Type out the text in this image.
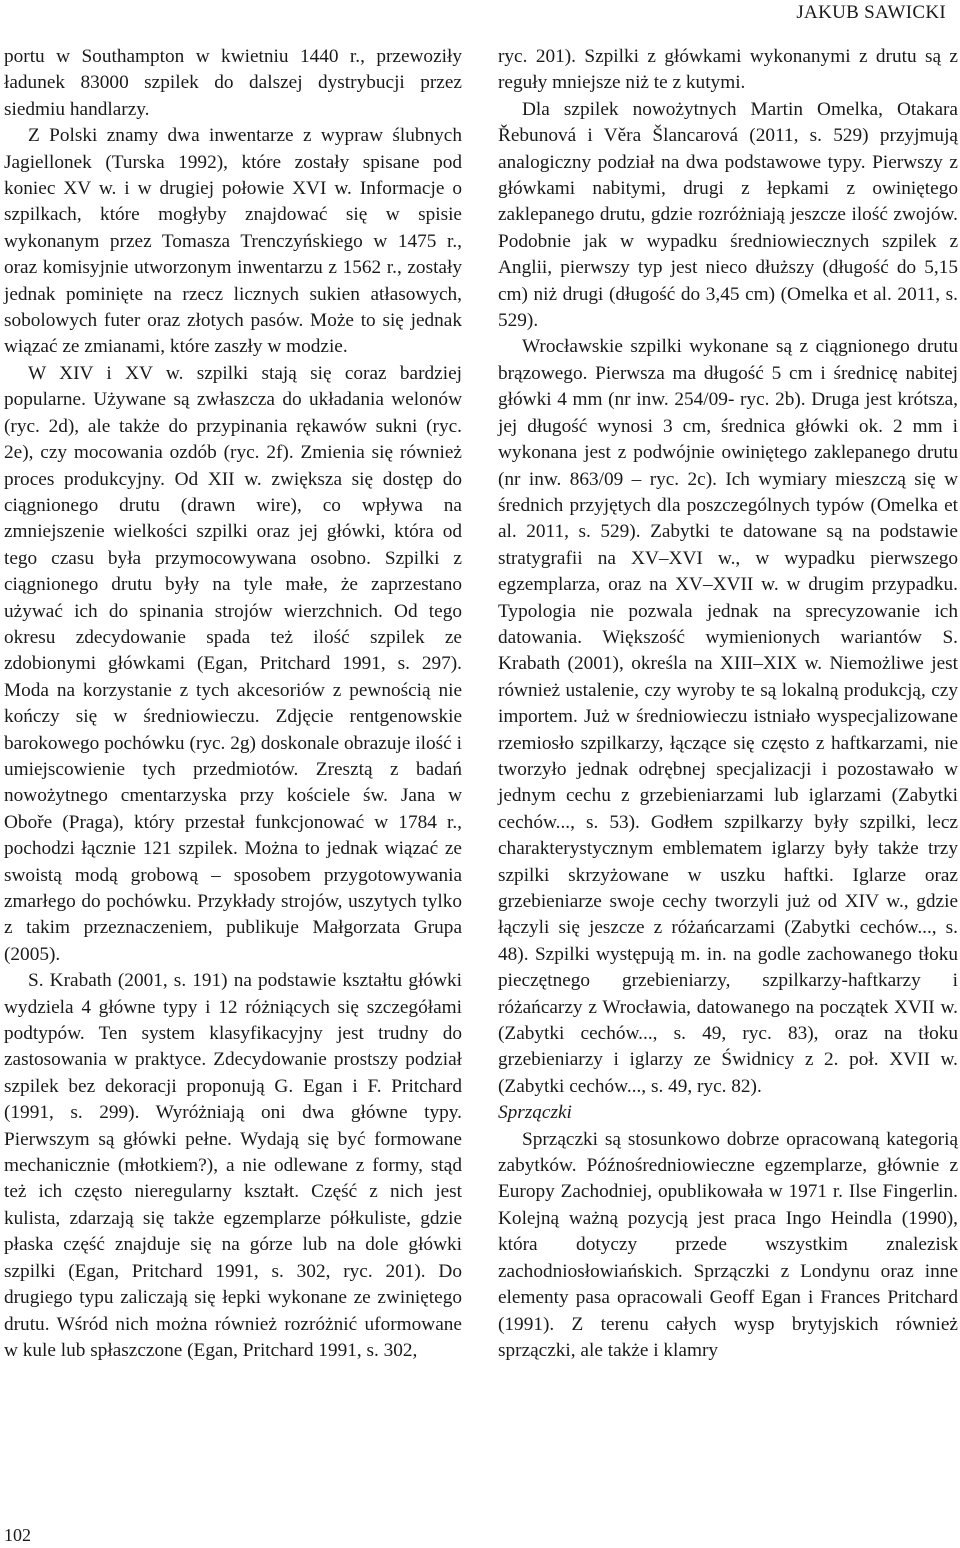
JAKUB SAWICKI

portu w Southampton w kwietniu 1440 r., przewoziły ładunek 83000 szpilek do dalszej dystrybucji przez siedmiu handlarzy.

Z Polski znamy dwa inwentarze z wypraw ślubnych Jagiellonek (Turska 1992), które zostały spisane pod koniec XV w. i w drugiej połowie XVI w. Informacje o szpilkach, które mogłyby znajdować się w spisie wykonanym przez Tomasza Trenczyńskiego w 1475 r., oraz komisyjnie utworzonym inwentarzu z 1562 r., zostały jednak pominięte na rzecz licznych sukien atłasowych, sobolowych futer oraz złotych pasów. Może to się jednak wiązać ze zmianami, które zaszły w modzie.

W XIV i XV w. szpilki stają się coraz bardziej popularne. Używane są zwłaszcza do układania welonów (ryc. 2d), ale także do przypinania rękawów sukni (ryc. 2e), czy mocowania ozdób (ryc. 2f). Zmienia się również proces produkcyjny. Od XII w. zwiększa się dostęp do ciągnionego drutu (drawn wire), co wpływa na zmniejszenie wielkości szpilki oraz jej główki, która od tego czasu była przymocowywana osobno. Szpilki z ciągnionego drutu były na tyle małe, że zaprzestano używać ich do spinania strojów wierzchnich. Od tego okresu zdecydowanie spada też ilość szpilek ze zdobionymi główkami (Egan, Pritchard 1991, s. 297). Moda na korzystanie z tych akcesoriów z pewnością nie kończy się w średniowieczu. Zdjęcie rentgenowskie barokowego pochówku (ryc. 2g) doskonale obrazuje ilość i umiejscowienie tych przedmiotów. Zresztą z badań nowożytnego cmentarzyska przy kościele św. Jana w Oboře (Praga), który przestał funkcjonować w 1784 r., pochodzi łącznie 121 szpilek. Można to jednak wiązać ze swoistą modą grobową – sposobem przygotowywania zmarłego do pochówku. Przykłady strojów, uszytych tylko z takim przeznaczeniem, publikuje Małgorzata Grupa (2005).

S. Krabath (2001, s. 191) na podstawie kształtu główki wydziela 4 główne typy i 12 różniących się szczegółami podtypów. Ten system klasyfikacyjny jest trudny do zastosowania w praktyce. Zdecydowanie prostszy podział szpilek bez dekoracji proponują G. Egan i F. Pritchard (1991, s. 299). Wyróżniają oni dwa główne typy. Pierwszym są główki pełne. Wydają się być formowane mechanicznie (młotkiem?), a nie odlewane z formy, stąd też ich często nieregularny kształt. Część z nich jest kulista, zdarzają się także egzemplarze półkuliste, gdzie płaska część znajduje się na górze lub na dole główki szpilki (Egan, Pritchard 1991, s. 302, ryc. 201). Do drugiego typu zaliczają się łepki wykonane ze zwiniętego drutu. Wśród nich można również rozróżnić uformowane w kule lub spłaszczone (Egan, Pritchard 1991, s. 302,

ryc. 201). Szpilki z główkami wykonanymi z drutu są z reguły mniejsze niż te z kutymi.

Dla szpilek nowożytnych Martin Omelka, Otakara Řebunová i Věra Šlancarová (2011, s. 529) przyjmują analogiczny podział na dwa podstawowe typy. Pierwszy z główkami nabitymi, drugi z łepkami z owiniętego zaklepanego drutu, gdzie rozróżniają jeszcze ilość zwojów. Podobnie jak w wypadku średniowiecznych szpilek z Anglii, pierwszy typ jest nieco dłuższy (długość do 5,15 cm) niż drugi (długość do 3,45 cm) (Omelka et al. 2011, s. 529).

Wrocławskie szpilki wykonane są z ciągnionego drutu brązowego. Pierwsza ma długość 5 cm i średnicę nabitej główki 4 mm (nr inw. 254/09- ryc. 2b). Druga jest krótsza, jej długość wynosi 3 cm, średnica główki ok. 2 mm i wykonana jest z podwójnie owiniętego zaklepanego drutu (nr inw. 863/09 – ryc. 2c). Ich wymiary mieszczą się w średnich przyjętych dla poszczególnych typów (Omelka et al. 2011, s. 529). Zabytki te datowane są na podstawie stratygrafii na XV–XVI w., w wypadku pierwszego egzemplarza, oraz na XV–XVII w. w drugim przypadku. Typologia nie pozwala jednak na sprecyzowanie ich datowania. Większość wymienionych wariantów S. Krabath (2001), określa na XIII–XIX w. Niemożliwe jest również ustalenie, czy wyroby te są lokalną produkcją, czy importem. Już w średniowieczu istniało wyspecjalizowane rzemiosło szpilkarzy, łączące się często z haftkarzami, nie tworzyło jednak odrębnej specjalizacji i pozostawało w jednym cechu z grzebieniarzami lub iglarzami (Zabytki cechów..., s. 53). Godłem szpilkarzy były szpilki, lecz charakterystycznym emblematem iglarzy były także trzy szpilki skrzyżowane w uszku haftki. Iglarze oraz grzebieniarze swoje cechy tworzyli już od XIV w., gdzie łączyli się jeszcze z różańcarzami (Zabytki cechów..., s. 48). Szpilki występują m. in. na godle zachowanego tłoku pieczętnego grzebieniarzy, szpilkarzy-haftkarzy i różańcarzy z Wrocławia, datowanego na początek XVII w. (Zabytki cechów..., s. 49, ryc. 83), oraz na tłoku grzebieniarzy i iglarzy ze Świdnicy z 2. poł. XVII w. (Zabytki cechów..., s. 49, ryc. 82).

Sprzączki

Sprzączki są stosunkowo dobrze opracowaną kategorią zabytków. Późnośredniowieczne egzemplarze, głównie z Europy Zachodniej, opublikowała w 1971 r. Ilse Fingerlin. Kolejną ważną pozycją jest praca Ingo Heindla (1990), która dotyczy przede wszystkim znalezisk zachodniosłowiańskich. Sprzączki z Londynu oraz inne elementy pasa opracowali Geoff Egan i Frances Pritchard (1991). Z terenu całych wysp brytyjskich również sprzączki, ale także i klamry

102
